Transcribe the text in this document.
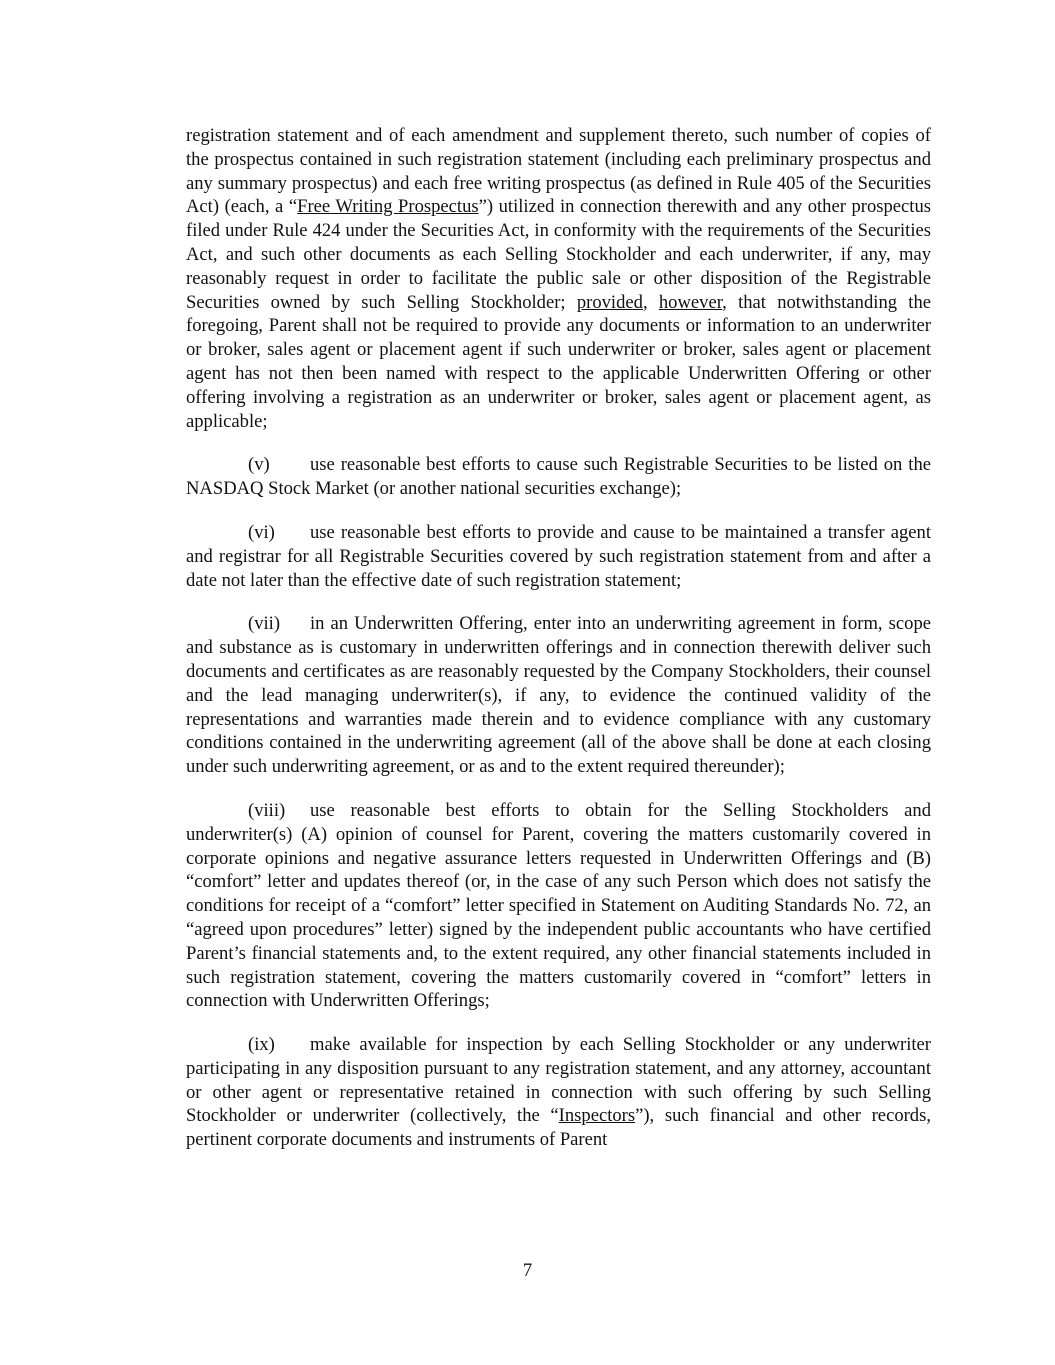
registration statement and of each amendment and supplement thereto, such number of copies of the prospectus contained in such registration statement (including each preliminary prospectus and any summary prospectus) and each free writing prospectus (as defined in Rule 405 of the Securities Act) (each, a “Free Writing Prospectus”) utilized in connection therewith and any other prospectus filed under Rule 424 under the Securities Act, in conformity with the requirements of the Securities Act, and such other documents as each Selling Stockholder and each underwriter, if any, may reasonably request in order to facilitate the public sale or other disposition of the Registrable Securities owned by such Selling Stockholder; provided, however, that notwithstanding the foregoing, Parent shall not be required to provide any documents or information to an underwriter or broker, sales agent or placement agent if such underwriter or broker, sales agent or placement agent has not then been named with respect to the applicable Underwritten Offering or other offering involving a registration as an underwriter or broker, sales agent or placement agent, as applicable;

(v) use reasonable best efforts to cause such Registrable Securities to be listed on the NASDAQ Stock Market (or another national securities exchange);

(vi) use reasonable best efforts to provide and cause to be maintained a transfer agent and registrar for all Registrable Securities covered by such registration statement from and after a date not later than the effective date of such registration statement;

(vii) in an Underwritten Offering, enter into an underwriting agreement in form, scope and substance as is customary in underwritten offerings and in connection therewith deliver such documents and certificates as are reasonably requested by the Company Stockholders, their counsel and the lead managing underwriter(s), if any, to evidence the continued validity of the representations and warranties made therein and to evidence compliance with any customary conditions contained in the underwriting agreement (all of the above shall be done at each closing under such underwriting agreement, or as and to the extent required thereunder);

(viii) use reasonable best efforts to obtain for the Selling Stockholders and underwriter(s) (A) opinion of counsel for Parent, covering the matters customarily covered in corporate opinions and negative assurance letters requested in Underwritten Offerings and (B) “comfort” letter and updates thereof (or, in the case of any such Person which does not satisfy the conditions for receipt of a “comfort” letter specified in Statement on Auditing Standards No. 72, an “agreed upon procedures” letter) signed by the independent public accountants who have certified Parent’s financial statements and, to the extent required, any other financial statements included in such registration statement, covering the matters customarily covered in “comfort” letters in connection with Underwritten Offerings;

(ix) make available for inspection by each Selling Stockholder or any underwriter participating in any disposition pursuant to any registration statement, and any attorney, accountant or other agent or representative retained in connection with such offering by such Selling Stockholder or underwriter (collectively, the “Inspectors”), such financial and other records, pertinent corporate documents and instruments of Parent

7
